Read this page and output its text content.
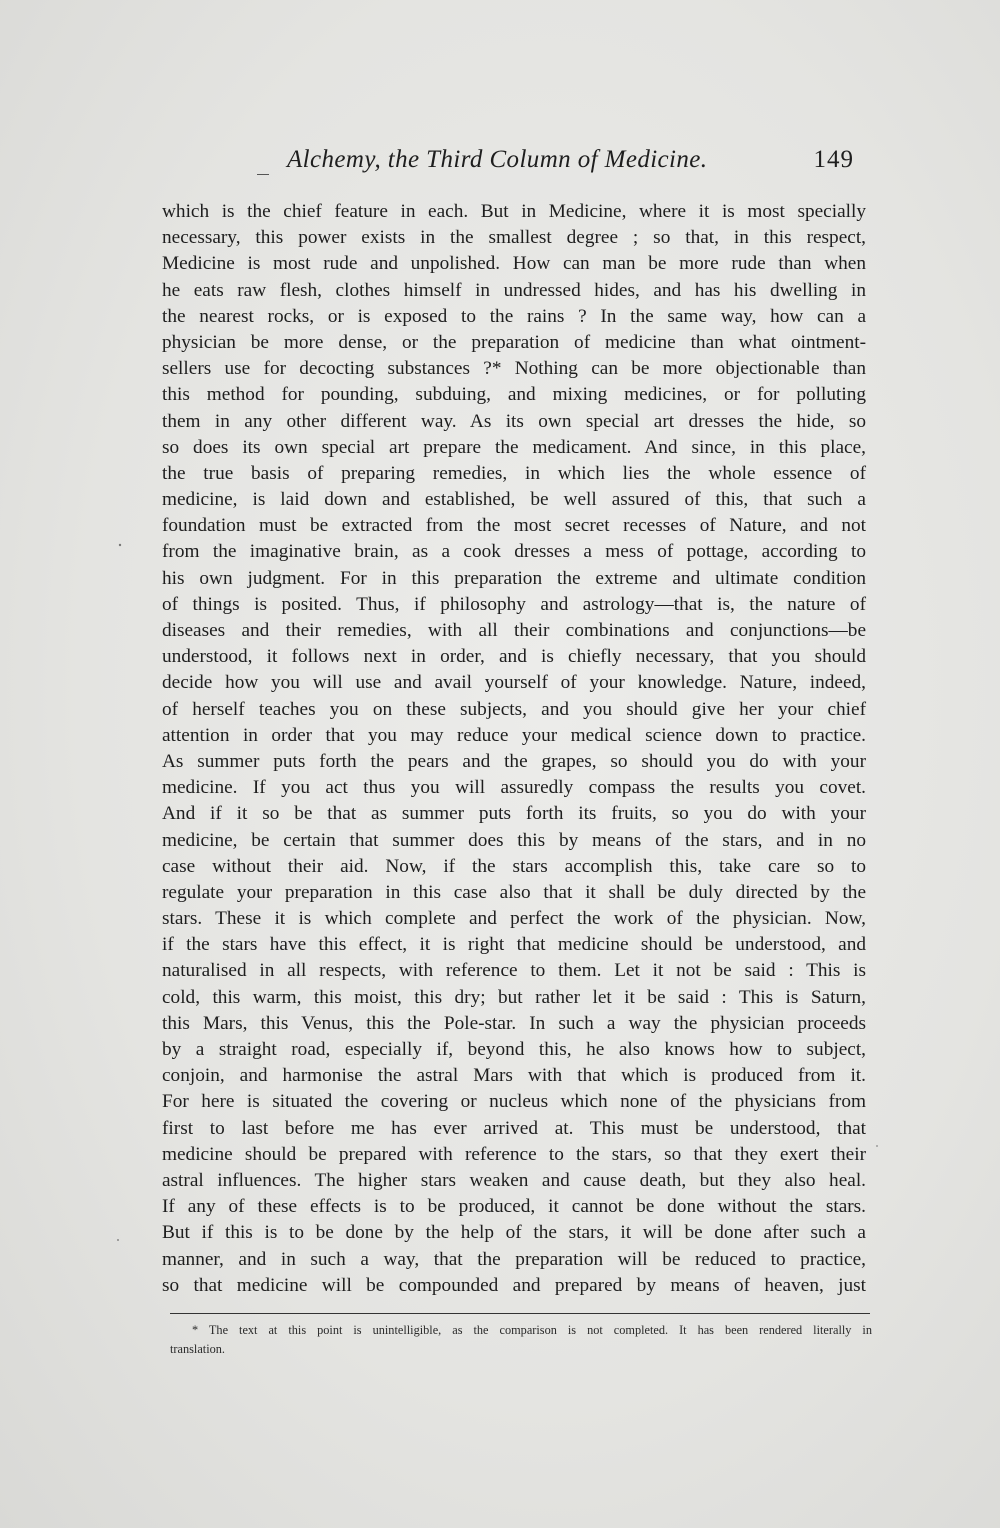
Alchemy, the Third Column of Medicine.	149
which is the chief feature in each. But in Medicine, where it is most specially
necessary, this power exists in the smallest degree ; so that, in this respect,
Medicine is most rude and unpolished. How can man be more rude than when
he eats raw flesh, clothes himself in undressed hides, and has his dwelling in
the nearest rocks, or is exposed to the rains ? In the same way, how can a
physician be more dense, or the preparation of medicine than what ointment-
sellers use for decocting substances ?* Nothing can be more objectionable than
this method for pounding, subduing, and mixing medicines, or for polluting
them in any other different way. As its own special art dresses the hide, so
so does its own special art prepare the medicament. And since, in this place,
the true basis of preparing remedies, in which lies the whole essence of
medicine, is laid down and established, be well assured of this, that such a
foundation must be extracted from the most secret recesses of Nature, and not
from the imaginative brain, as a cook dresses a mess of pottage, according to
his own judgment. For in this preparation the extreme and ultimate condition
of things is posited. Thus, if philosophy and astrology—that is, the nature of
diseases and their remedies, with all their combinations and conjunctions—be
understood, it follows next in order, and is chiefly necessary, that you should
decide how you will use and avail yourself of your knowledge. Nature, indeed,
of herself teaches you on these subjects, and you should give her your chief
attention in order that you may reduce your medical science down to practice.
As summer puts forth the pears and the grapes, so should you do with your
medicine. If you act thus you will assuredly compass the results you covet.
And if it so be that as summer puts forth its fruits, so you do with your
medicine, be certain that summer does this by means of the stars, and in no
case without their aid. Now, if the stars accomplish this, take care so to
regulate your preparation in this case also that it shall be duly directed by the
stars. These it is which complete and perfect the work of the physician. Now,
if the stars have this effect, it is right that medicine should be understood, and
naturalised in all respects, with reference to them. Let it not be said : This is
cold, this warm, this moist, this dry; but rather let it be said : This is Saturn,
this Mars, this Venus, this the Pole-star. In such a way the physician proceeds
by a straight road, especially if, beyond this, he also knows how to subject,
conjoin, and harmonise the astral Mars with that which is produced from it.
For here is situated the covering or nucleus which none of the physicians from
first to last before me has ever arrived at. This must be understood, that
medicine should be prepared with reference to the stars, so that they exert their
astral influences. The higher stars weaken and cause death, but they also heal.
If any of these effects is to be produced, it cannot be done without the stars.
But if this is to be done by the help of the stars, it will be done after such a
manner, and in such a way, that the preparation will be reduced to practice,
so that medicine will be compounded and prepared by means of heaven, just
* The text at this point is unintelligible, as the comparison is not completed. It has been rendered literally in
translation.
